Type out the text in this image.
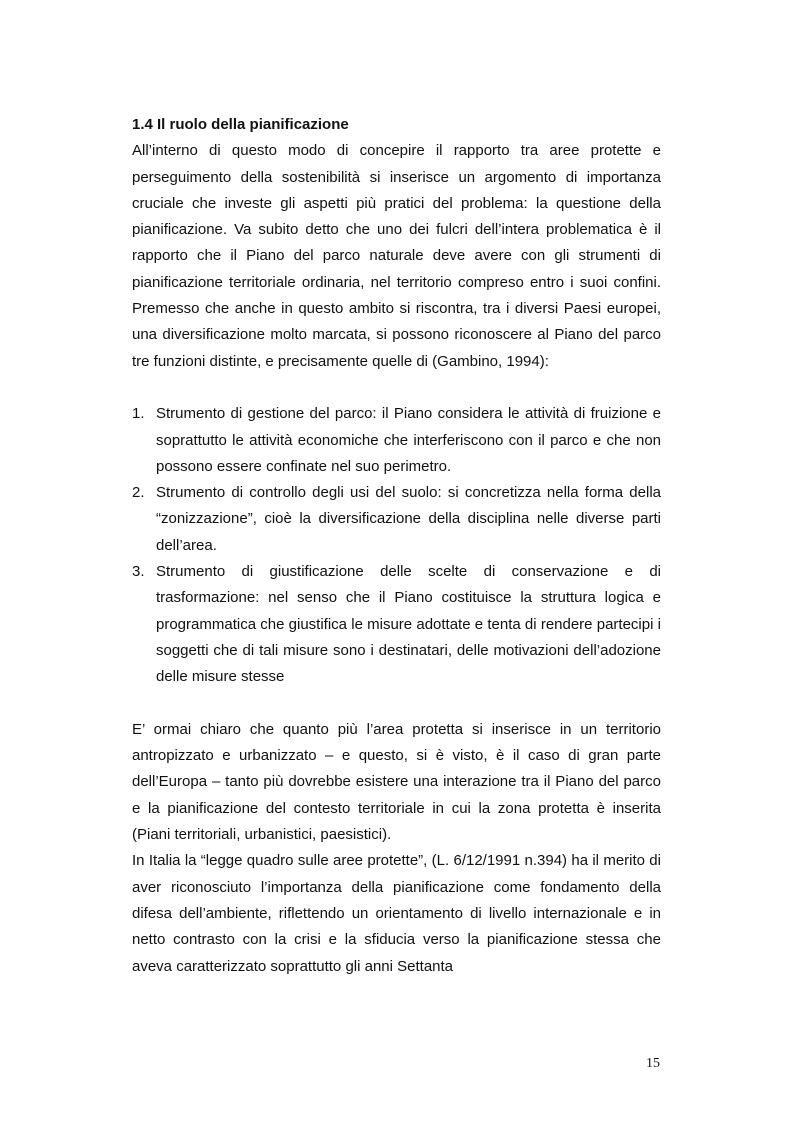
1.4 Il ruolo della pianificazione

All’interno di questo modo di concepire il rapporto tra aree protette e perseguimento della sostenibilità si inserisce un argomento di importanza cruciale che investe gli aspetti più pratici del problema: la questione della pianificazione. Va subito detto che uno dei fulcri dell’intera problematica è il rapporto che il Piano del parco naturale deve avere con gli strumenti di pianificazione territoriale ordinaria, nel territorio compreso entro i suoi confini. Premesso che anche in questo ambito si riscontra, tra i diversi Paesi europei, una diversificazione molto marcata, si possono riconoscere al Piano del parco tre funzioni distinte, e precisamente quelle di (Gambino, 1994):

1. Strumento di gestione del parco: il Piano considera le attività di fruizione e soprattutto le attività economiche che interferiscono con il parco e che non possono essere confinate nel suo perimetro.
2. Strumento di controllo degli usi del suolo: si concretizza nella forma della “zonizzazione”, cioè la diversificazione della disciplina nelle diverse parti dell’area.
3. Strumento di giustificazione delle scelte di conservazione e di trasformazione: nel senso che il Piano costituisce la struttura logica e programmatica che giustifica le misure adottate e tenta di rendere partecipi i soggetti che di tali misure sono i destinatari, delle motivazioni dell’adozione delle misure stesse

E’ ormai chiaro che quanto più l’area protetta si inserisce in un territorio antropizzato e urbanizzato – e questo, si è visto, è il caso di gran parte dell’Europa – tanto più dovrebbe esistere una interazione tra il Piano del parco e la pianificazione del contesto territoriale in cui la zona protetta è inserita (Piani territoriali, urbanistici, paesistici).

In Italia la “legge quadro sulle aree protette”, (L. 6/12/1991 n.394) ha il merito di aver riconosciuto l’importanza della pianificazione come fondamento della difesa dell’ambiente, riflettendo un orientamento di livello internazionale e in netto contrasto con la crisi e la sfiducia verso la pianificazione stessa che aveva caratterizzato soprattutto gli anni Settanta

15
